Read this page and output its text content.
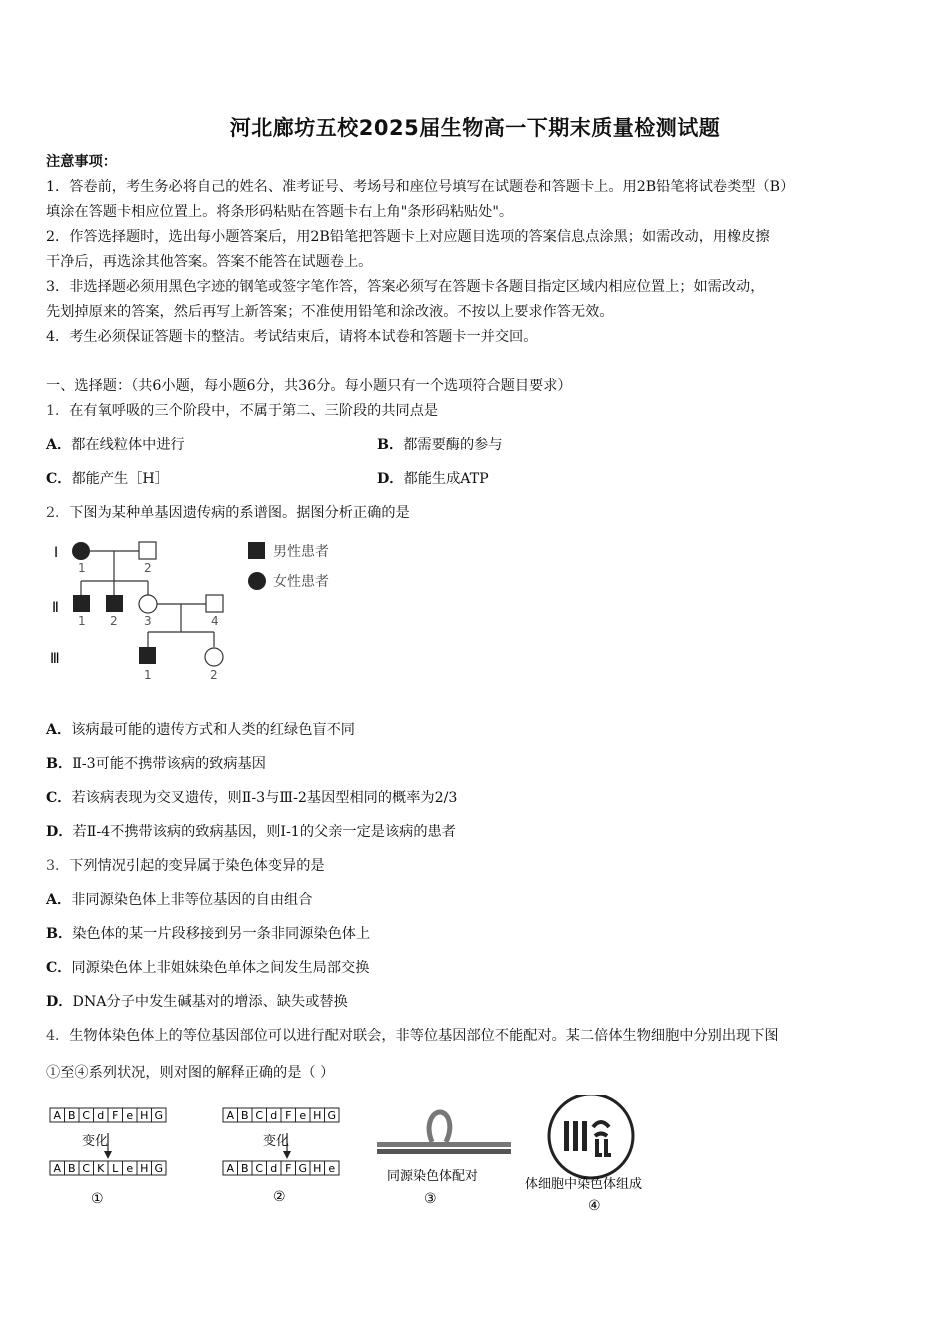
河北廊坊五校2025届生物高一下期末质量检测试题
注意事项：
1．答卷前，考生务必将自己的姓名、准考证号、考场号和座位号填写在试题卷和答题卡上。用2B铅笔将试卷类型（B）
填涂在答题卡相应位置上。将条形码粘贴在答题卡右上角"条形码粘贴处"。
2．作答选择题时，选出每小题答案后，用2B铅笔把答题卡上对应题目选项的答案信息点涂黑；如需改动，用橡皮擦
干净后，再选涂其他答案。答案不能答在试题卷上。
3．非选择题必须用黑色字迹的钢笔或签字笔作答，答案必须写在答题卡各题目指定区域内相应位置上；如需改动，
先划掉原来的答案，然后再写上新答案；不准使用铅笔和涂改液。不按以上要求作答无效。
4．考生必须保证答题卡的整洁。考试结束后，请将本试卷和答题卡一并交回。
一、选择题：（共6小题，每小题6分，共36分。每小题只有一个选项符合题目要求）
1．在有氧呼吸的三个阶段中，不属于第二、三阶段的共同点是
A．都在线粒体中进行	B．都需要酶的参与
C．都能产生［H］	D．都能生成ATP
2．下图为某种单基因遗传病的系谱图。据图分析正确的是
Ⅰ
Ⅱ
Ⅲ
1	2
1 2 3	4
1	2
男性患者
女性患者
A．该病最可能的遗传方式和人类的红绿色盲不同
B．Ⅱ-3可能不携带该病的致病基因
C．若该病表现为交叉遗传，则Ⅱ-3与Ⅲ-2基因型相同的概率为2/3
D．若Ⅱ-4不携带该病的致病基因，则Ⅰ-1的父亲一定是该病的患者
3．下列情况引起的变异属于染色体变异的是
A．非同源染色体上非等位基因的自由组合
B．染色体的某一片段移接到另一条非同源染色体上
C．同源染色体上非姐妹染色单体之间发生局部交换
D．DNA分子中发生碱基对的增添、缺失或替换
4．生物体染色体上的等位基因部位可以进行配对联会，非等位基因部位不能配对。某二倍体生物细胞中分别出现下图
①至④系列状况，则对图的解释正确的是（ ）
A B C d F e H G
A B C K L e H G
变化
①
A B C d F e H G
A B C d F G H e
变化
②
同源染色体配对
③
体细胞中染色体组成
④
